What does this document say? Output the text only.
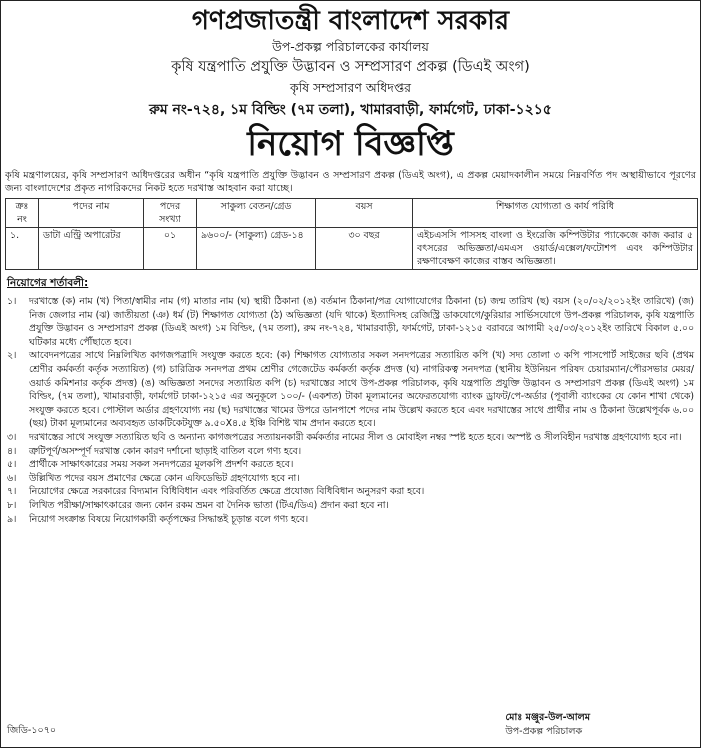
গণপ্রজাতন্ত্রী বাংলাদেশ সরকার
উপ-প্রকল্প পরিচালকের কার্যালয়
কৃষি যন্ত্রপাতি প্রযুক্তি উদ্ভাবন ও সম্প্রসারণ প্রকল্প (ডিএই অংগ)
কৃষি সম্প্রসারণ অধিদপ্তর
রুম নং-৭২৪, ১ম বিল্ডিং (৭ম তলা), খামারবাড়ী, ফার্মগেট, ঢাকা-১২১৫
নিয়োগ বিজ্ঞপ্তি
কৃষি মন্ত্রণালয়ের, কৃষি সম্প্রসারণ অধিদপ্তরের অধীন “কৃষি যন্ত্রপাতি প্রযুক্তি উদ্ভাবন ও সম্প্রসারণ প্রকল্প (ডিএই অংগ), এ প্রকল্প মেয়াদকালীন সময়ে নিম্নবর্ণিত পদ অস্থায়ীভাবে পূরণের জন্য বাংলাদেশের প্রকৃত নাগরিকদের নিকট হতে দরখাস্ত আহবান করা যাচ্ছে।
ক্রঃ নং	পদের নাম	পদের সংখ্যা	সাকুল্য বেতন/গ্রেড	বয়স	শিক্ষাগত যোগ্যতা ও কার্য পরিধি
১.	ডাটা এন্ট্রি অপারেটর	০১	৯৬০০/- (সাকুল্য) গ্রেড-১৪	৩০ বছর	এইচএসসি পাসসহ বাংলা ও ইংরেজি কম্পিউটার প্যাকেজে কাজ করার ৫ বৎসরের অভিজ্ঞতা/এমএস ওয়ার্ড/এক্সেল/ফটোশপ এবং কম্পিউটার রক্ষণাবেক্ষণ কাজের বাস্তব অভিজ্ঞতা।
নিয়োগের শর্তাবলী:
১।	দরখাস্তে (ক) নাম (খ) পিতা/স্বামীর নাম (গ) মাতার নাম (ঘ) স্থায়ী ঠিকানা (ঙ) বর্তমান ঠিকানা/পত্র যোগাযোগের ঠিকানা (চ) জন্ম তারিখ (ছ) বয়স (২০/০২/২০১২ইং তারিখে) (জ) নিজ জেলার নাম (ঝ) জাতীয়তা (ঞ) ধর্ম (ট) শিক্ষাগত যোগ্যতা (ঠ) অভিজ্ঞতা (যদি থাকে) ইত্যাদিসহ রেজিস্ট্রি ডাকযোগে/কুরিয়ার সার্ভিসযোগে উপ-প্রকল্প পরিচালক, কৃষি যন্ত্রপাতি প্রযুক্তি উদ্ভাবন ও সম্প্রসারণ প্রকল্প (ডিএই অংগ) ১ম বিল্ডিং, (৭ম তলা), রুম নং-৭২৪, খামারবাড়ী, ফার্মগেট, ঢাকা-১২১৫ বরাবরে আগামী ২৫/০৩/২০১২ইং তারিখে বিকাল ৫.০০ ঘটিকার মধ্যে পৌঁছাতে হবে।
২।	আবেদনপত্রের সাথে নিম্নলিখিত কাগজপত্রাদি সংযুক্ত করতে হবে: (ক) শিক্ষাগত যোগ্যতার সকল সনদপত্রের সত্যায়িত কপি (খ) সদ্য তোলা ৩ কপি পাসপোর্ট সাইজের ছবি (প্রথম শ্রেণীর কর্মকর্তা কর্তৃক সত্যায়িত) (গ) চারিত্রিক সনদপত্র প্রথম শ্রেণীর গেজেটেড কর্মকর্তা কর্তৃক প্রদত্ত (ঘ) নাগরিকত্ব সনদপত্র (স্থানীয় ইউনিয়ন পরিষদ চেয়ারম্যান/পৌরসভার মেয়র/ওয়ার্ড কমিশনার কর্তৃক প্রদত্ত) (ঙ) অভিজ্ঞতা সনদের সত্যায়িত কপি (চ) দরখাস্তের সাথে উপ-প্রকল্প পরিচালক, কৃষি যন্ত্রপাতি প্রযুক্তি উদ্ভাবন ও সম্প্রসারণ প্রকল্প (ডিএই অংগ) ১ম বিল্ডিং, (৭ম তলা), খামারবাড়ী, ফার্মগেট ঢাকা-১২১৫ এর অনুকূলে ১০০/- (একশত) টাকা মূল্যমানের অফেরতযোগ্য ব্যাংক ড্রাফট/পে-অর্ডার (পূবালী ব্যাংকের যে কোন শাখা থেকে) সংযুক্ত করতে হবে। পোস্টাল অর্ডার গ্রহণযোগ্য নয় (ছ) দরখাস্তের খামের উপরে ডানপাশে পদের নাম উল্লেখ করতে হবে এবং দরখাস্তের সাথে প্রার্থীর নাম ও ঠিকানা উল্লেখপূর্বক ৬.০০ (ছয়) টাকা মূল্যমানের অব্যবহৃত ডাকটিকেটযুক্ত ৯.৫০X৪.৫ ইঞ্চি বিশিষ্ট খাম প্রদান করতে হবে।
৩।	দরখাস্তের সাথে সংযুক্ত সত্যায়িত ছবি ও অন্যান্য কাগজপত্রের সত্যায়নকারী কর্মকর্তার নামের সীল ও মোবাইল নম্বর স্পষ্ট হতে হবে। অস্পষ্ট ও সীলবিহীন দরখাস্ত গ্রহণযোগ্য হবে না।
৪।	ত্রুটিপূর্ণ/অসম্পূর্ণ দরখাস্ত কোন কারণ দর্শানো ছাড়াই বাতিল বলে গণ্য হবে।
৫।	প্রার্থীকে সাক্ষাৎকারের সময় সকল সনদপত্রের মূলকপি প্রদর্শণ করতে হবে।
৬।	উল্লিখিত পদের বয়স প্রমাণের ক্ষেত্রে কোন এফিডেভিট গ্রহণযোগ্য হবে না।
৭।	নিয়োগের ক্ষেত্রে সরকারের বিদ্যমান বিধিবিধান এবং পরিবর্তিত ক্ষেত্রে প্রযোজ্য বিধিবিধান অনুসরণ করা হবে।
৮।	লিখিত পরীক্ষা/সাক্ষাৎকারের জন্য কোন রকম ভ্রমন বা দৈনিক ভাতা (টিএ/ডিএ) প্রদান করা হবে না।
৯।	নিয়োগ সংক্রান্ত বিষয়ে নিয়োগকারী কর্তৃপক্ষের সিদ্ধান্তই চূড়ান্ত বলে গণ্য হবে।
জিডি-১০৭০
মোঃ মঞ্জুর-উল-আলম
উপ-প্রকল্প পরিচালক
